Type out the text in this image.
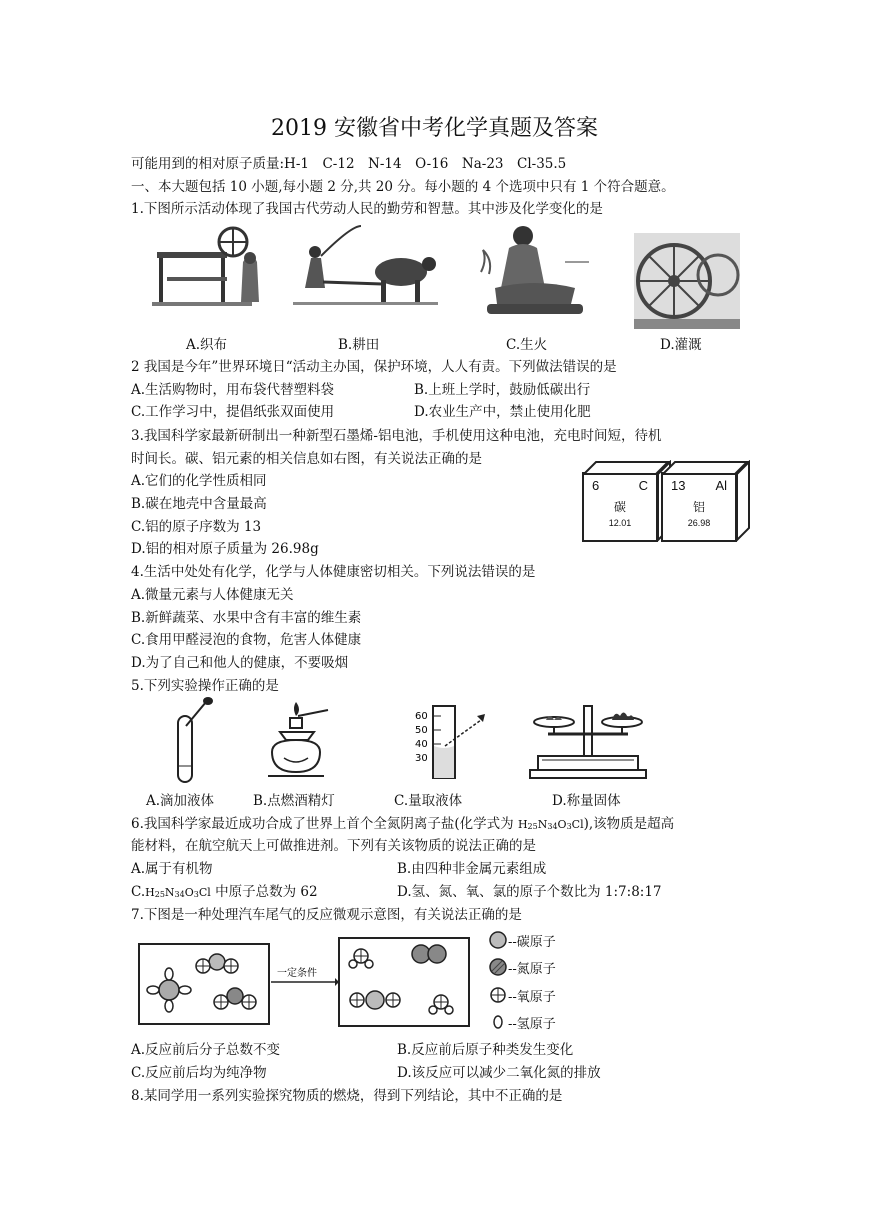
2019 安徽省中考化学真题及答案
可能用到的相对原子质量:H-1　C-12　N-14　O-16　Na-23　Cl-35.5
一、本大题包括 10 小题,每小题 2 分,共 20 分。每小题的 4 个选项中只有 1 个符合题意。
1.下图所示活动体现了我国古代劳动人民的勤劳和智慧。其中涉及化学变化的是
A.织布	B.耕田	C.生火	D.灌溉
2 我国是今年”世界环境日“活动主办国，保护环境，人人有责。下列做法错误的是
A.生活购物时，用布袋代替塑料袋	B.上班上学时，鼓励低碳出行
C.工作学习中，提倡纸张双面使用	D.农业生产中，禁止使用化肥
3.我国科学家最新研制出一种新型石墨烯-铝电池，手机使用这种电池，充电时间短，待机
时间长。碳、铝元素的相关信息如右图，有关说法正确的是
A.它们的化学性质相同
B.碳在地壳中含量最高
C.铝的原子序数为 13
D.铝的相对原子质量为 26.98g
6	C
碳
12.01
13 Al
铝
26.98
4.生活中处处有化学，化学与人体健康密切相关。下列说法错误的是
A.微量元素与人体健康无关
B.新鲜蔬菜、水果中含有丰富的维生素
C.食用甲醛浸泡的食物，危害人体健康
D.为了自己和他人的健康，不要吸烟
5.下列实验操作正确的是
60
50
40
30
A.滴加液体	B.点燃酒精灯	C.量取液体	D.称量固体
6.我国科学家最近成功合成了世界上首个全氮阴离子盐(化学式为 $H_{25}N_{34}O_3Cl$),该物质是超高
能材料，在航空航天上可做推进剂。下列有关该物质的说法正确的是
A.属于有机物	B.由四种非金属元素组成
$C.H_{25}N_{34}O_3Cl$ 中原子总数为 62	D.氢、氮、氧、氯的原子个数比为 1:7:8:17
7.下图是一种处理汽车尾气的反应微观示意图，有关说法正确的是
一定条件
--碳原子
--氮原子
--氧原子
--氢原子
A.反应前后分子总数不变	B.反应前后原子种类发生变化
C.反应前后均为纯净物	D.该反应可以减少二氧化氮的排放
8.某同学用一系列实验探究物质的燃烧，得到下列结论，其中不正确的是
